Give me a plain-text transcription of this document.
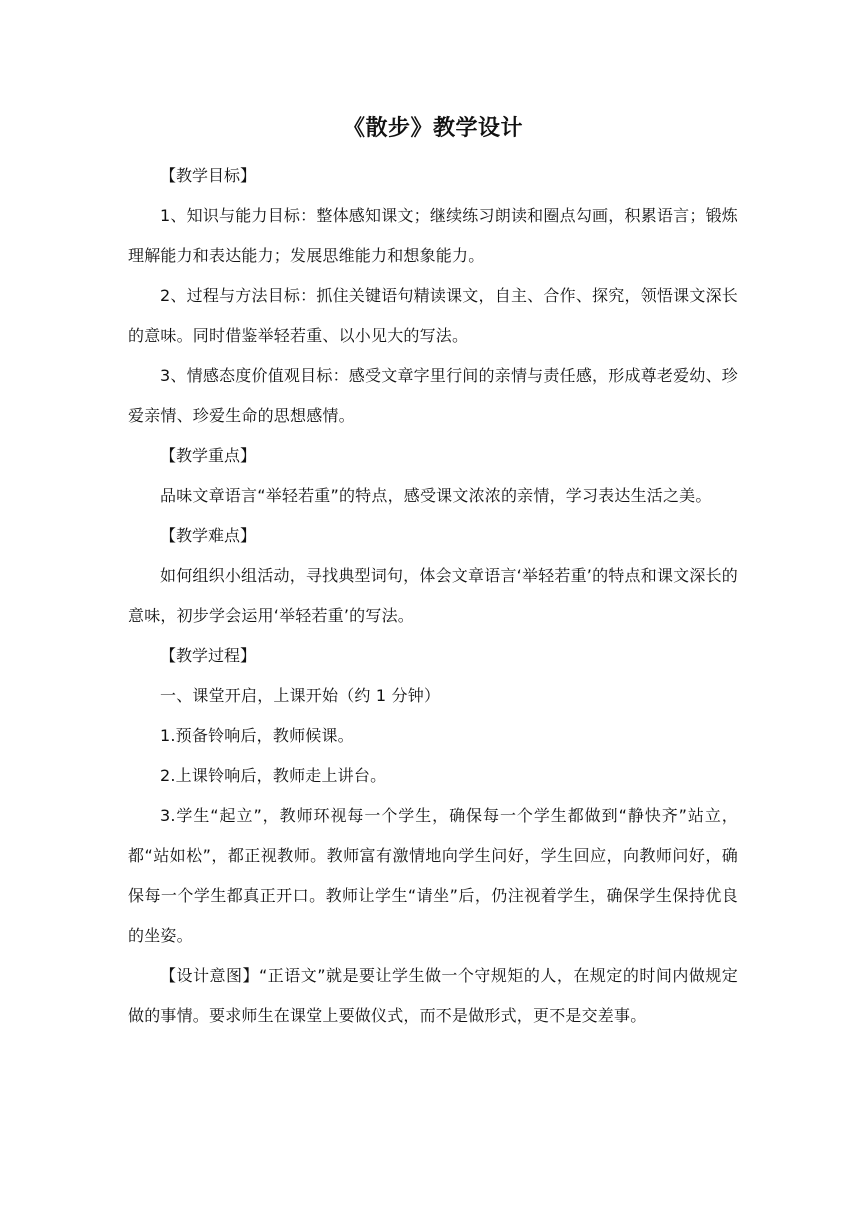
《散步》教学设计

【教学目标】

1、知识与能力目标：整体感知课文；继续练习朗读和圈点勾画，积累语言；锻炼理解能力和表达能力；发展思维能力和想象能力。

2、过程与方法目标：抓住关键语句精读课文，自主、合作、探究，领悟课文深长的意味。同时借鉴举轻若重、以小见大的写法。

3、情感态度价值观目标：感受文章字里行间的亲情与责任感，形成尊老爱幼、珍爱亲情、珍爱生命的思想感情。

【教学重点】

品味文章语言“举轻若重”的特点，感受课文浓浓的亲情，学习表达生活之美。

【教学难点】

如何组织小组活动，寻找典型词句，体会文章语言‘举轻若重’的特点和课文深长的意味，初步学会运用‘举轻若重’的写法。

【教学过程】

一、课堂开启，上课开始（约 1 分钟）

1.预备铃响后，教师候课。

2.上课铃响后，教师走上讲台。

3.学生“起立”，教师环视每一个学生，确保每一个学生都做到“静快齐”站立，都“站如松”，都正视教师。教师富有激情地向学生问好，学生回应，向教师问好，确保每一个学生都真正开口。教师让学生“请坐”后，仍注视着学生，确保学生保持优良的坐姿。

【设计意图】“正语文”就是要让学生做一个守规矩的人，在规定的时间内做规定做的事情。要求师生在课堂上要做仪式，而不是做形式，更不是交差事。
